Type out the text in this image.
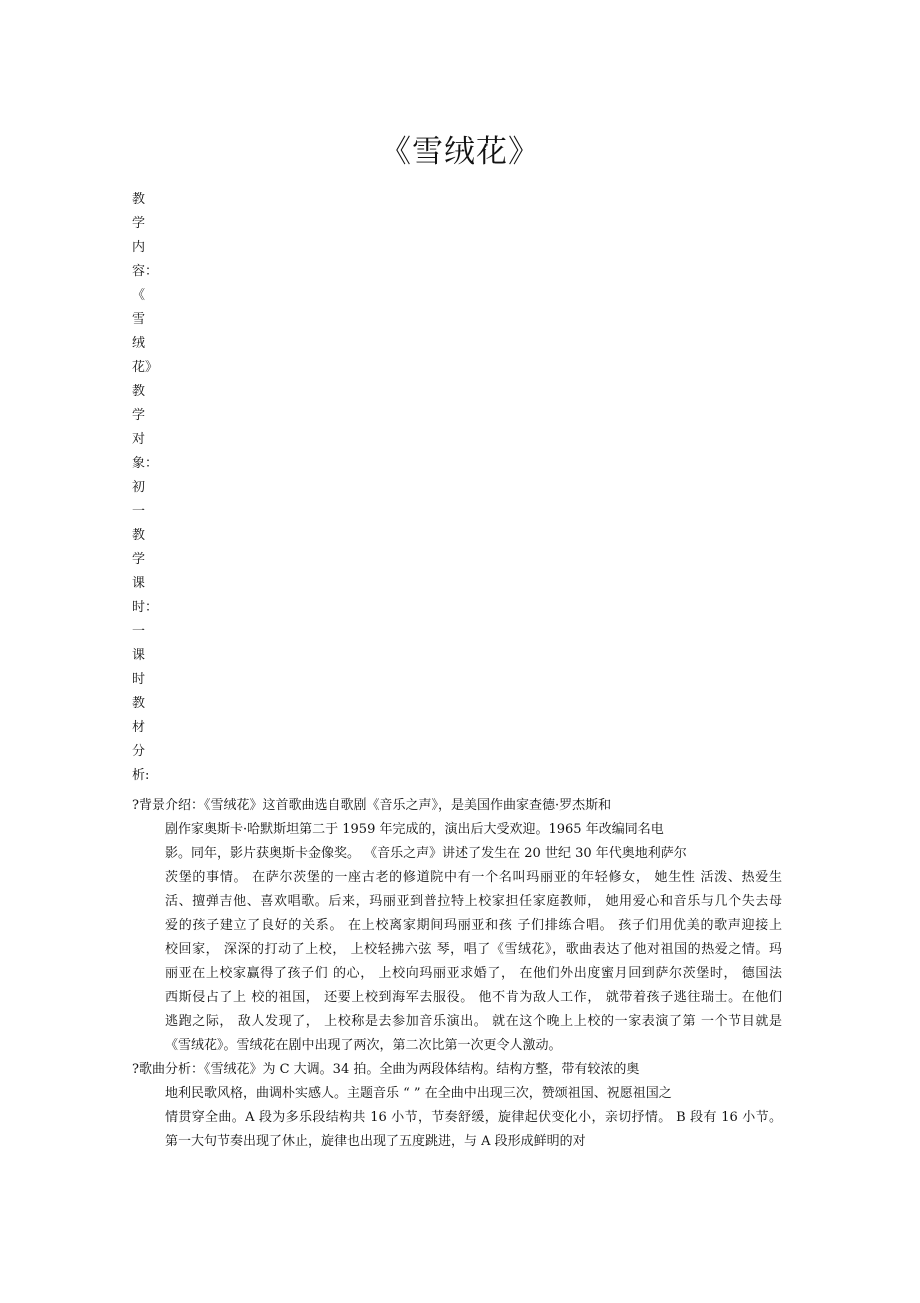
《雪绒花》
教
学
内
容：
《
雪
绒
花》
教
学
对
象：
初
一
教
学
课
时：
一
课
时
教
材
分
析:
?背景介绍：《雪绒花》这首歌曲选自歌剧《音乐之声》，是美国作曲家查德·罗杰斯和
剧作家奥斯卡·哈默斯坦第二于 1959 年完成的，演出后大受欢迎。1965 年改编同名电
影。同年，影片获奥斯卡金像奖。 《音乐之声》讲述了发生在 20 世纪 30 年代奥地利萨尔
茨堡的事情。 在萨尔茨堡的一座古老的修道院中有一个名叫玛丽亚的年轻修女， 她生性 活泼、热爱生
活、擅弹吉他、喜欢唱歌。后来，玛丽亚到普拉特上校家担任家庭教师， 她用爱心和音乐与几个失去母
爱的孩子建立了良好的关系。 在上校离家期间玛丽亚和孩 子们排练合唱。 孩子们用优美的歌声迎接上
校回家， 深深的打动了上校， 上校轻拂六弦 琴，唱了《雪绒花》，歌曲表达了他对祖国的热爱之情。玛
丽亚在上校家赢得了孩子们 的心， 上校向玛丽亚求婚了， 在他们外出度蜜月回到萨尔茨堡时， 德国法
西斯侵占了上 校的祖国， 还要上校到海军去服役。 他不肯为敌人工作， 就带着孩子逃往瑞士。在他们
逃跑之际， 敌人发现了， 上校称是去参加音乐演出。 就在这个晚上上校的一家表演了第 一个节目就是
《雪绒花》。雪绒花在剧中出现了两次，第二次比第一次更令人激动。
?歌曲分析：《雪绒花》为 C 大调。34 拍。全曲为两段体结构。结构方整，带有较浓的奥
地利民歌风格，曲调朴实感人。主题音乐 “ ” 在全曲中出现三次，赞颂祖国、祝愿祖国之
情贯穿全曲。A 段为多乐段结构共 16 小节，节奏舒缓，旋律起伏变化小，亲切抒情。 B 段有 16 小节。
第一大句节奏出现了休止，旋律也出现了五度跳进，与 A 段形成鲜明的对
